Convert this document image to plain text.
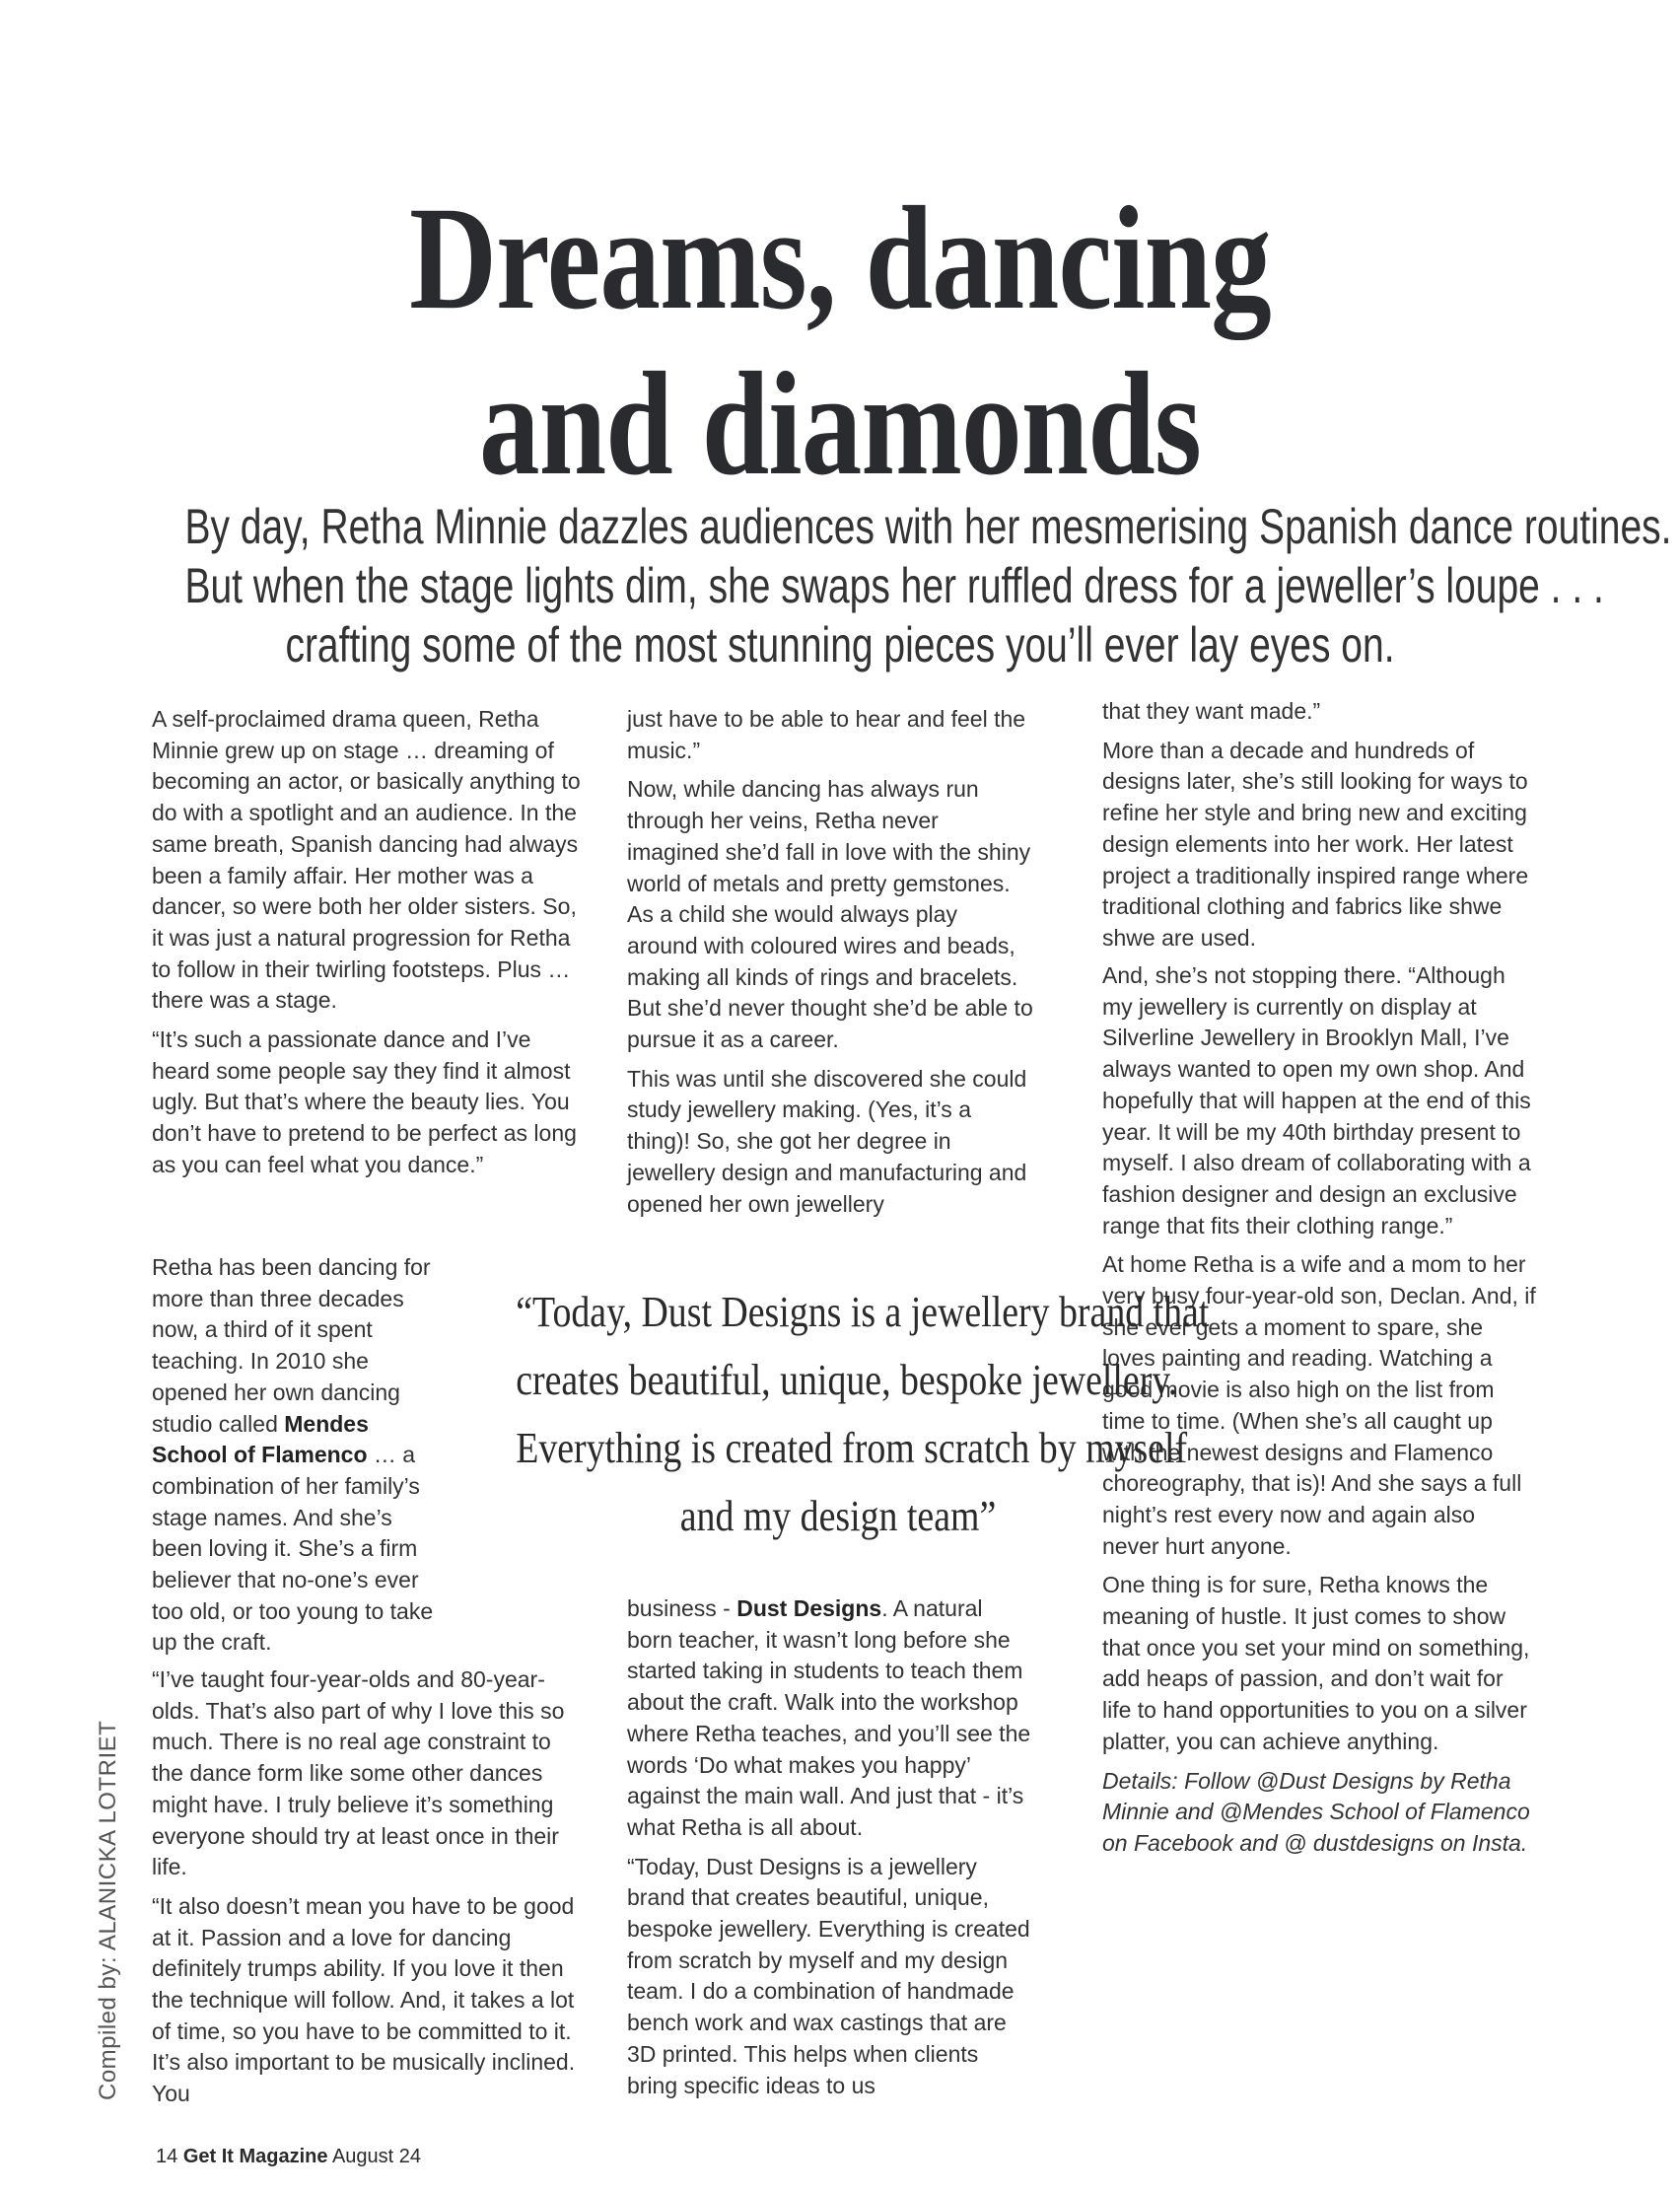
Dreams, dancing
and diamonds
By day, Retha Minnie dazzles audiences with her mesmerising Spanish dance routines.
But when the stage lights dim, she swaps her ruffled dress for a jeweller’s loupe . . .
crafting some of the most stunning pieces you’ll ever lay eyes on.

A self-proclaimed drama queen, Retha Minnie grew up on stage … dreaming of becoming an actor, or basically anything to do with a spotlight and an audience. In the same breath, Spanish dancing had always been a family affair. Her mother was a dancer, so were both her older sisters. So, it was just a natural progression for Retha to follow in their twirling footsteps. Plus … there was a stage.

“It’s such a passionate dance and I’ve heard some people say they find it almost ugly. But that’s where the beauty lies. You don’t have to pretend to be perfect as long as you can feel what you dance.”

Retha has been dancing for more than three decades now, a third of it spent teaching. In 2010 she opened her own dancing studio called Mendes School of Flamenco … a combination of her family’s stage names. And she’s been loving it. She’s a firm believer that no-one’s ever too old, or too young to take up the craft.

“I’ve taught four-year-olds and 80-year-olds. That’s also part of why I love this so much. There is no real age constraint to the dance form like some other dances might have. I truly believe it’s something everyone should try at least once in their life.

“It also doesn’t mean you have to be good at it. Passion and a love for dancing definitely trumps ability. If you love it then the technique will follow. And, it takes a lot of time, so you have to be committed to it. It’s also important to be musically inclined. You

just have to be able to hear and feel the music.”

Now, while dancing has always run through her veins, Retha never imagined she’d fall in love with the shiny world of metals and pretty gemstones. As a child she would always play around with coloured wires and beads, making all kinds of rings and bracelets. But she’d never thought she’d be able to pursue it as a career.

This was until she discovered she could study jewellery making. (Yes, it’s a thing)! So, she got her degree in jewellery design and manufacturing and opened her own jewellery

business - Dust Designs. A natural born teacher, it wasn’t long before she started taking in students to teach them about the craft. Walk into the workshop where Retha teaches, and you’ll see the words ‘Do what makes you happy’ against the main wall. And just that - it’s what Retha is all about.

“Today, Dust Designs is a jewellery brand that creates beautiful, unique, bespoke jewellery. Everything is created from scratch by myself and my design team. I do a combination of handmade bench work and wax castings that are 3D printed. This helps when clients bring specific ideas to us

that they want made.”

More than a decade and hundreds of designs later, she’s still looking for ways to refine her style and bring new and exciting design elements into her work. Her latest project a traditionally inspired range where traditional clothing and fabrics like shwe shwe are used.

And, she’s not stopping there. “Although my jewellery is currently on display at Silverline Jewellery in Brooklyn Mall, I’ve always wanted to open my own shop. And hopefully that will happen at the end of this year. It will be my 40th birthday present to myself. I also dream of collaborating with a fashion designer and design an exclusive range that fits their clothing range.”

At home Retha is a wife and a mom to her very busy four-year-old son, Declan. And, if she ever gets a moment to spare, she loves painting and reading. Watching a good movie is also high on the list from time to time. (When she’s all caught up with the newest designs and Flamenco choreography, that is)! And she says a full night’s rest every now and again also never hurt anyone.

One thing is for sure, Retha knows the meaning of hustle. It just comes to show that once you set your mind on something, add heaps of passion, and don’t wait for life to hand opportunities to you on a silver platter, you can achieve anything.

Details: Follow @Dust Designs by Retha Minnie and @Mendes School of Flamenco on Facebook and @ dustdesigns on Insta.

“Today, Dust Designs is a jewellery brand that
creates beautiful, unique, bespoke jewellery.
Everything is created from scratch by myself
and my design team”
Compiled by: ALANICKA LOTRIET
14 Get It Magazine August 24
